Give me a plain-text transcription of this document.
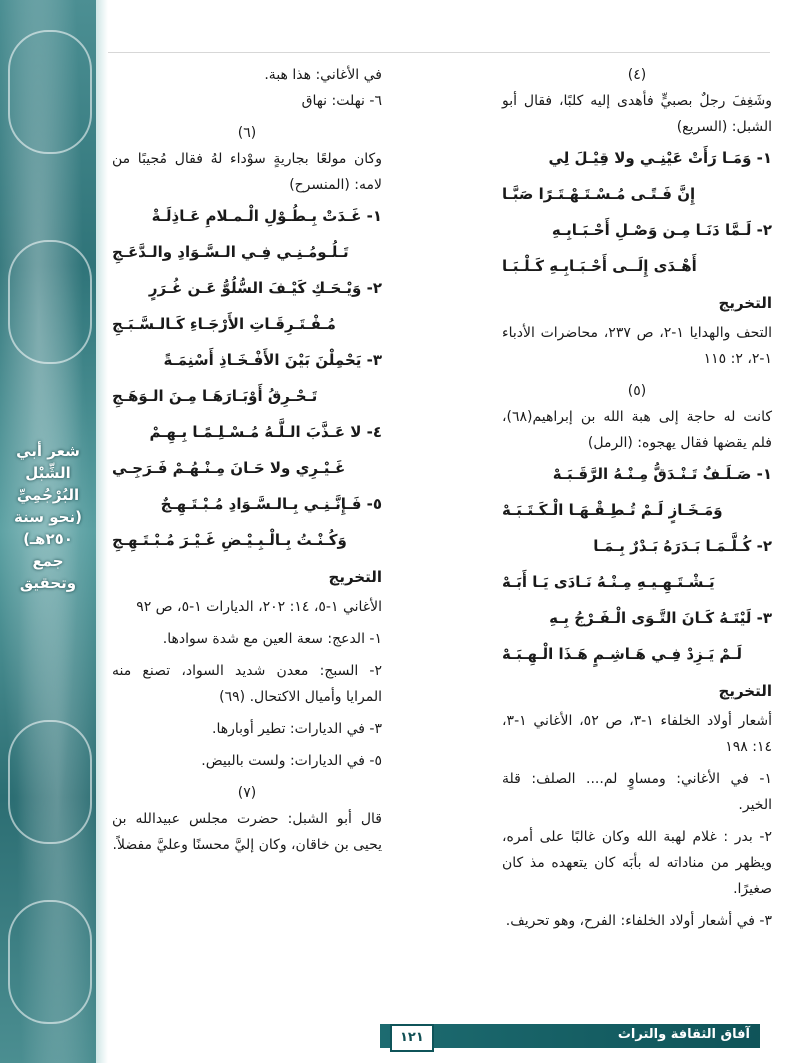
شعر أبي
الشِّبْل
البُرْجُمِيِّ
(نحو سنة
٢٥٠هـ)
جمع
وتحقيق

(٤)

وشَغِفَ رجلٌ بصبيٍّ فأهدى إليه كلبًا، فقال أبو الشبل: (السريع)

١- وَمَـا رَأَتْ عَيْنِـي ولا قِيْـلَ لِي

إِنَّ فَـتًـى مُـسْـتَـهْـتَـرًا صَبَّـا

٢- لَـمَّا دَنَـا مِـن وَصْـلِ أَحْـبَـابِـهِ

أَهْـدَى إِلَــى أَحْـبَـابِـهِ كَـلْـبَـا

التخريج

التحف والهدايا ١-٢، ص ٢٣٧، محاضرات الأدباء ١-٢، ٢: ١١٥

(٥)

كانت له حاجة إلى هبة الله بن إبراهيم(٦٨)، فلم يقضها فقال يهجوه: (الرمل)

١- صَـلَـفٌ تَـنْـدَقُّ مِـنْـهُ الرَّقَـبَـهْ

وَمَـخَـازٍ لَـمْ تُـطِـقْـهَـا الْـكَـتَـبَـهْ

٢- كُـلَّـمَـا بَـدَرَهُ بَـدْرٌ بِـمَـا

يَـشْـتَـهِـيـهِ مِـنْـهُ نَـادَى يَـا أَبَـهْ

٣- لَيْتَـهُ كَـانَ التَّـوَى الْـفَـرْجُ بِـهِ

لَـمْ يَـزِدْ فِـي هَـاشِـمٍ هَـذَا الْـهِـبَـهْ

التخريج

أشعار أولاد الخلفاء ١-٣، ص ٥٢، الأغاني ١-٣، ١٤: ١٩٨

١- في الأغاني: ومساوٍ لم.... الصلف: قلة الخير.

٢- بدر : غلام لهبة الله وكان غالبًا على أمره، ويظهر من مناداته له بأبَه كان يتعهده مذ كان صغيرًا.

٣- في أشعار أولاد الخلفاء: الفرح، وهو تحريف.

في الأغاني: هذا هبة.

٦- نهلت: نهاق

(٦)

وكان مولعًا بجاريةٍ سوْداء لهُ فقال مُجيبًا من لامه: (المنسرح)

١- غَـدَتْ بِـطُـوْلِ الْـمـلامِ عَـاذِلَـةْ

تَـلُـومُـنِـي فِـي الـسَّـوَادِ والـدَّعَـجِ

٢- وَيْـحَـكِ كَيْـفَ السُّلُوُّ عَـن غُـرَرٍ

مُـفْـتَـرِقَـاتِ الأَرْجَـاءِ كَـالـسَّـبَـجِ

٣- يَحْمِلْنَ بَيْنَ الأَفْـخَـاذِ أَسْنِمَـةً

تَـحْـرِقُ أَوْبَـارَهَـا مِـنَ الـوَهَـجِ

٤- لا عَـذَّبَ الـلَّـهُ مُـسْـلِـمًـا بِـهِـمْ

غَـيْـرِي ولا حَـانَ مِـنْـهُـمْ فَـرَجِـي

٥- فَـإِنَّـنِـي بِـالـسَّـوَادِ مُـبْـتَـهِـجٌ

وَكُـنْـتُ بِـالْـبِـيْـضِ غَـيْـرَ مُـبْـتَـهِـجِ

التخريج

الأغاني ١-٥، ١٤: ٢٠٢، الديارات ١-٥، ص ٩٢

١- الدعج: سعة العين مع شدة سوادها.

٢- السبج: معدن شديد السواد، تصنع منه المرايا وأميال الاكتحال. (٦٩)

٣- في الديارات: تطير أوبارها.

٥- في الديارات: ولست بالبيض.

(٧)

قال أبو الشبل: حضرت مجلس عبيدالله بن يحيى بن خاقان، وكان إليَّ محسنًا وعليَّ مفضلاً.

آفاق الثقافة والتراث
١٢١
